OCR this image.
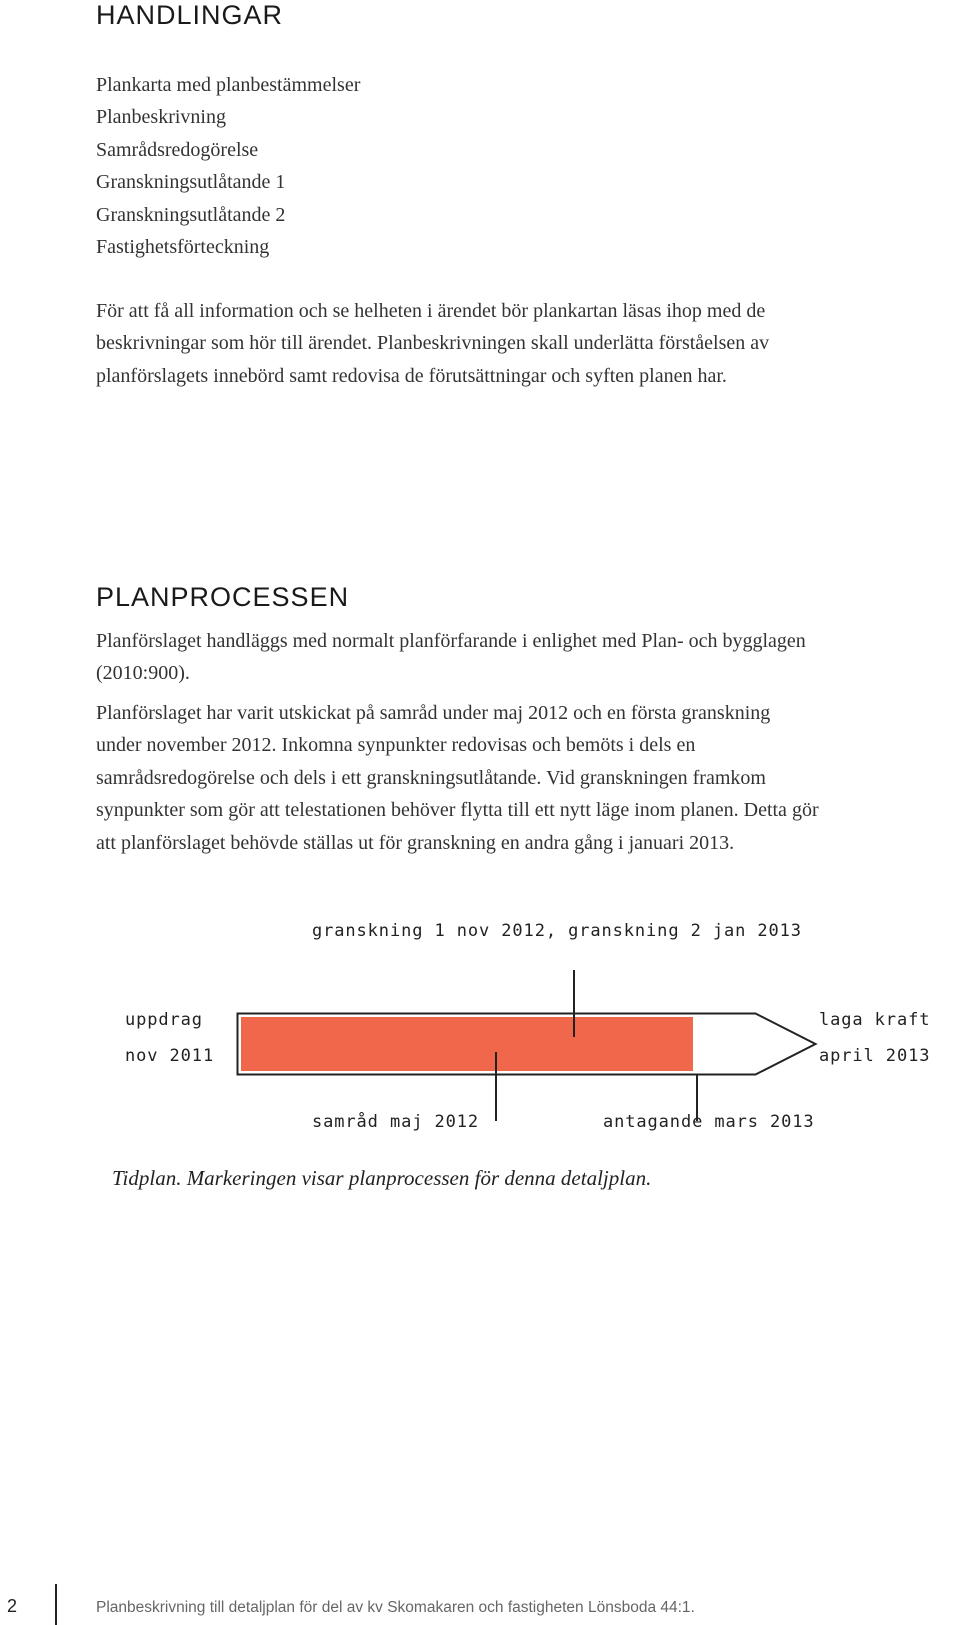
HANDLINGAR
Plankarta med planbestämmelser
Planbeskrivning
Samrådsredogörelse
Granskningsutlåtande 1
Granskningsutlåtande 2
Fastighetsförteckning
För att få all information och se helheten i ärendet bör plankartan läsas ihop med de
beskrivningar som hör till ärendet. Planbeskrivningen skall underlätta förståelsen av
planförslagets innebörd samt redovisa de förutsättningar och syften planen har.
PLANPROCESSEN
Planförslaget handläggs med normalt planförfarande i enlighet med Plan- och bygglagen
(2010:900).
Planförslaget har varit utskickat på samråd under maj 2012 och en första granskning
under november 2012. Inkomna synpunkter redovisas och bemöts i dels en
samrådsredogörelse och dels i ett granskningsutlåtande. Vid granskningen framkom
synpunkter som gör att telestationen behöver flytta till ett nytt läge inom planen. Detta gör
att planförslaget behövde ställas ut för granskning en andra gång i januari 2013.
granskning 1 nov 2012, granskning 2 jan 2013
uppdrag
nov 2011
laga kraft
april 2013
samråd maj 2012	antagande mars 2013

Tidplan. Markeringen visar planprocessen för denna detaljplan.

2	Planbeskrivning till detaljplan för del av kv Skomakaren och fastigheten Lönsboda 44:1.
